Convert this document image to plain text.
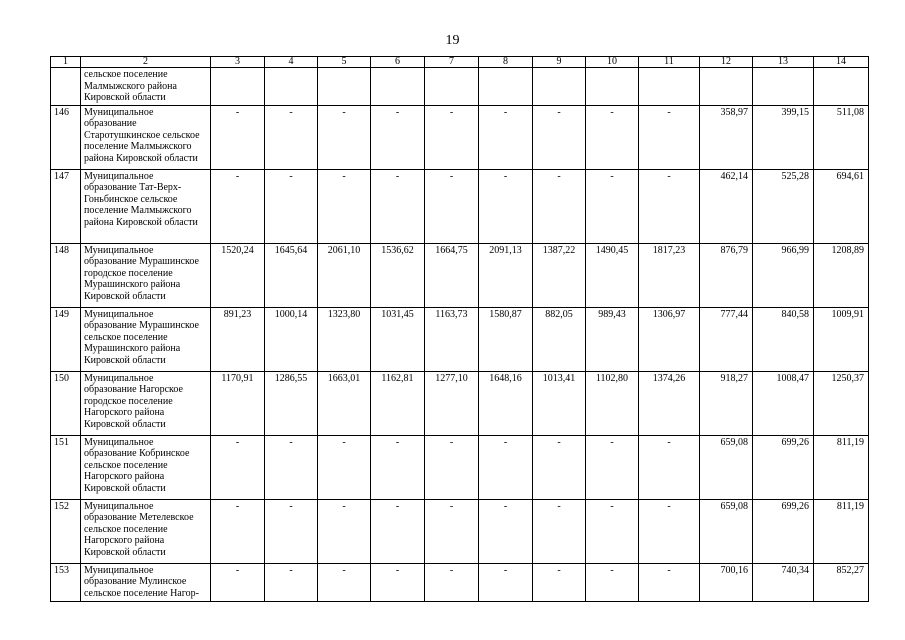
19
1	2	3	4	5	6	7	8	9	10	11	12	13	14
	сельское поселение Малмыжского района Кировской области												
146	Муниципальное образование Старотушкинское сельское поселение Малмыжского района Кировской области	-	-	-	-	-	-	-	-	-	358,97	399,15	511,08
147	Муниципальное образование Тат-Верх-Гоньбинское сельское поселение Малмыжского района Кировской области	-	-	-	-	-	-	-	-	-	462,14	525,28	694,61
148	Муниципальное образование Мурашинское городское поселение Мурашинского района Кировской области	1520,24	1645,64	2061,10	1536,62	1664,75	2091,13	1387,22	1490,45	1817,23	876,79	966,99	1208,89
149	Муниципальное образование Мурашинское сельское поселение Мурашинского района Кировской области	891,23	1000,14	1323,80	1031,45	1163,73	1580,87	882,05	989,43	1306,97	777,44	840,58	1009,91
150	Муниципальное образование Нагорское городское поселение Нагорского района Кировской области	1170,91	1286,55	1663,01	1162,81	1277,10	1648,16	1013,41	1102,80	1374,26	918,27	1008,47	1250,37
151	Муниципальное образование Кобринское сельское поселение Нагорского района Кировской области	-	-	-	-	-	-	-	-	-	659,08	699,26	811,19
152	Муниципальное образование Метелевское сельское поселение Нагорского района Кировской области	-	-	-	-	-	-	-	-	-	659,08	699,26	811,19
153	Муниципальное образование Мулинское сельское поселение Нагор-	-	-	-	-	-	-	-	-	-	700,16	740,34	852,27
